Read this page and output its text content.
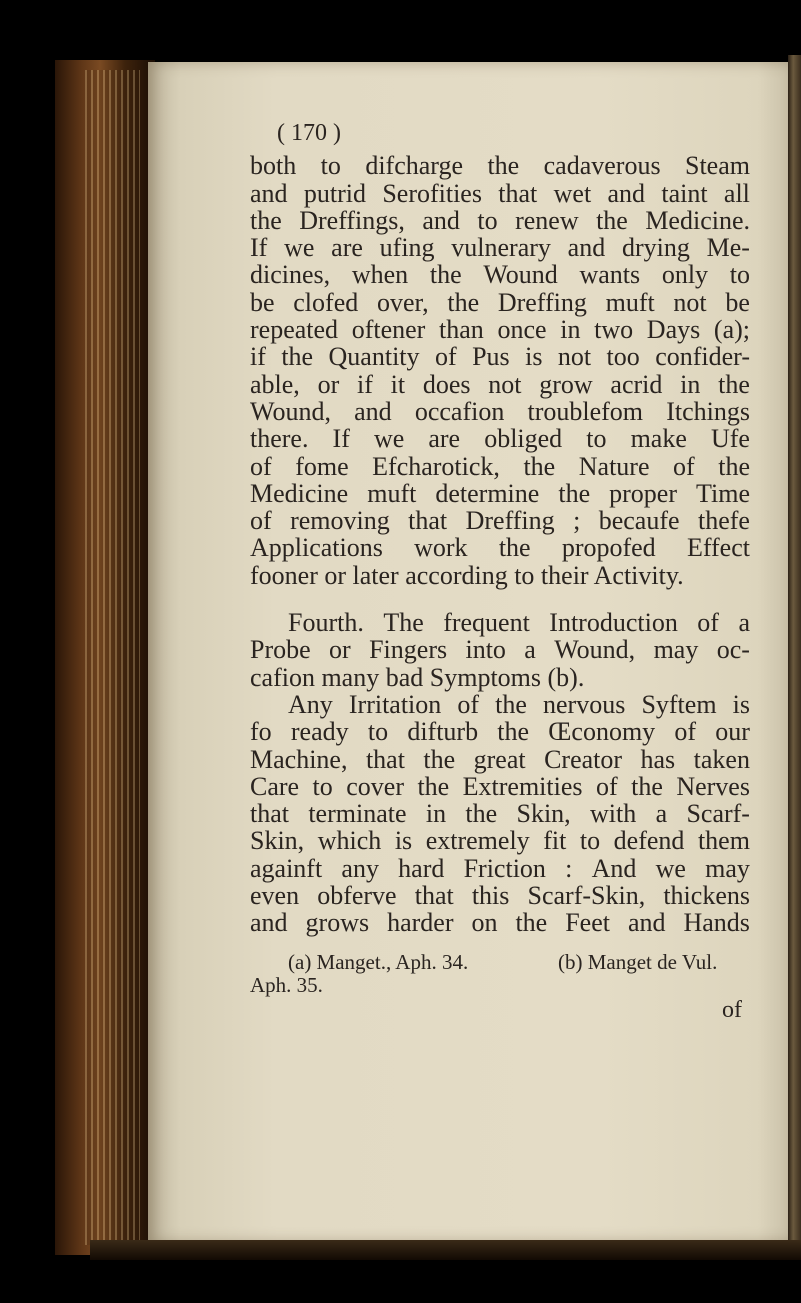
( 170 )
both to difcharge the cadaverous Steam
and putrid Serofities that wet and taint all
the Dreffings, and to renew the Medicine.
If we are ufing vulnerary and drying Me-
dicines, when the Wound wants only to
be clofed over, the Dreffing muft not be
repeated oftener than once in two Days (a);
if the Quantity of Pus is not too confider-
able, or if it does not grow acrid in the
Wound, and occafion troublefom Itchings
there. If we are obliged to make Ufe
of fome Efcharotick, the Nature of the
Medicine muft determine the proper Time
of removing that Dreffing ; becaufe thefe
Applications work the propofed Effect
fooner or later according to their Activity.
Fourth. The frequent Introduction of a
Probe or Fingers into a Wound, may oc-
cafion many bad Symptoms (b).
Any Irritation of the nervous Syftem is
fo ready to difturb the Œconomy of our
Machine, that the great Creator has taken
Care to cover the Extremities of the Nerves
that terminate in the Skin, with a Scarf-
Skin, which is extremely fit to defend them
againft any hard Friction : And we may
even obferve that this Scarf-Skin, thickens
and grows harder on the Feet and Hands
(a) Manget., Aph. 34.	(b) Manget de Vul.
Aph. 35.
of
